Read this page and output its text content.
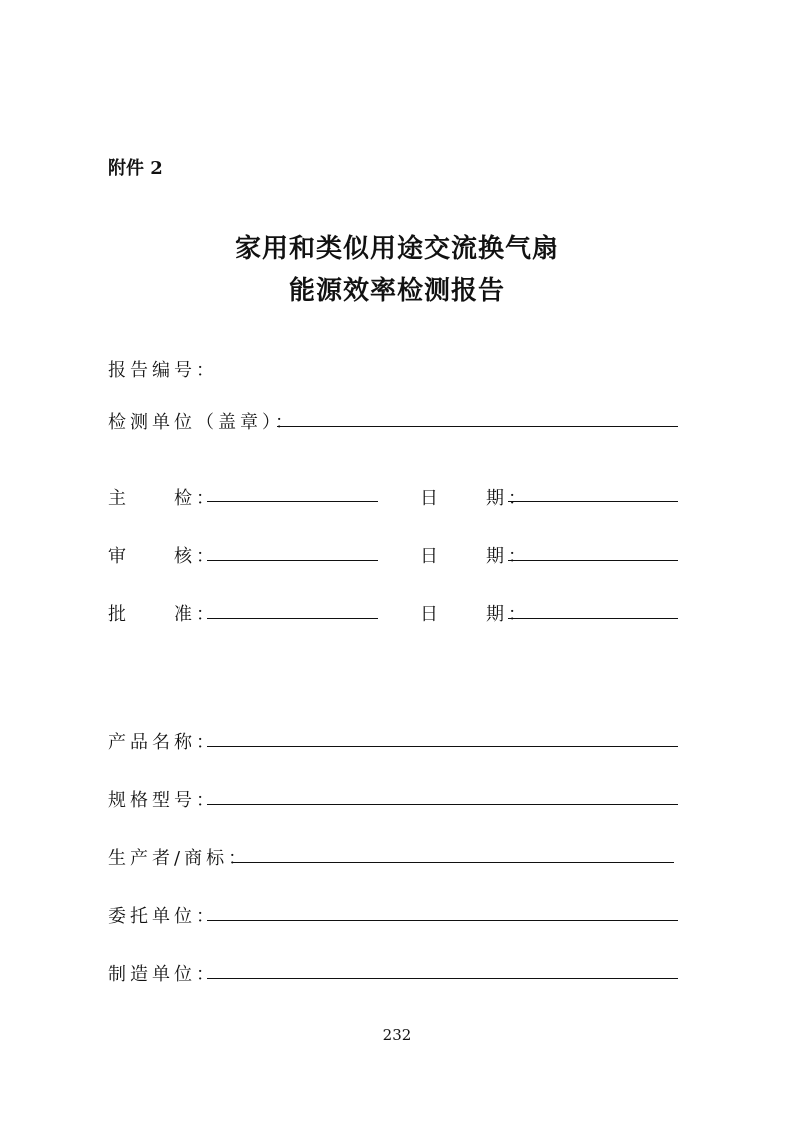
附件 2
家用和类似用途交流换气扇
能源效率检测报告
报告编号：
检测单位（盖章）：
主　　检：	日　　期：
审　　核：	日　　期：
批　　准：	日　　期：
产品名称：
规格型号：
生产者/商标：
委托单位：
制造单位：
232
